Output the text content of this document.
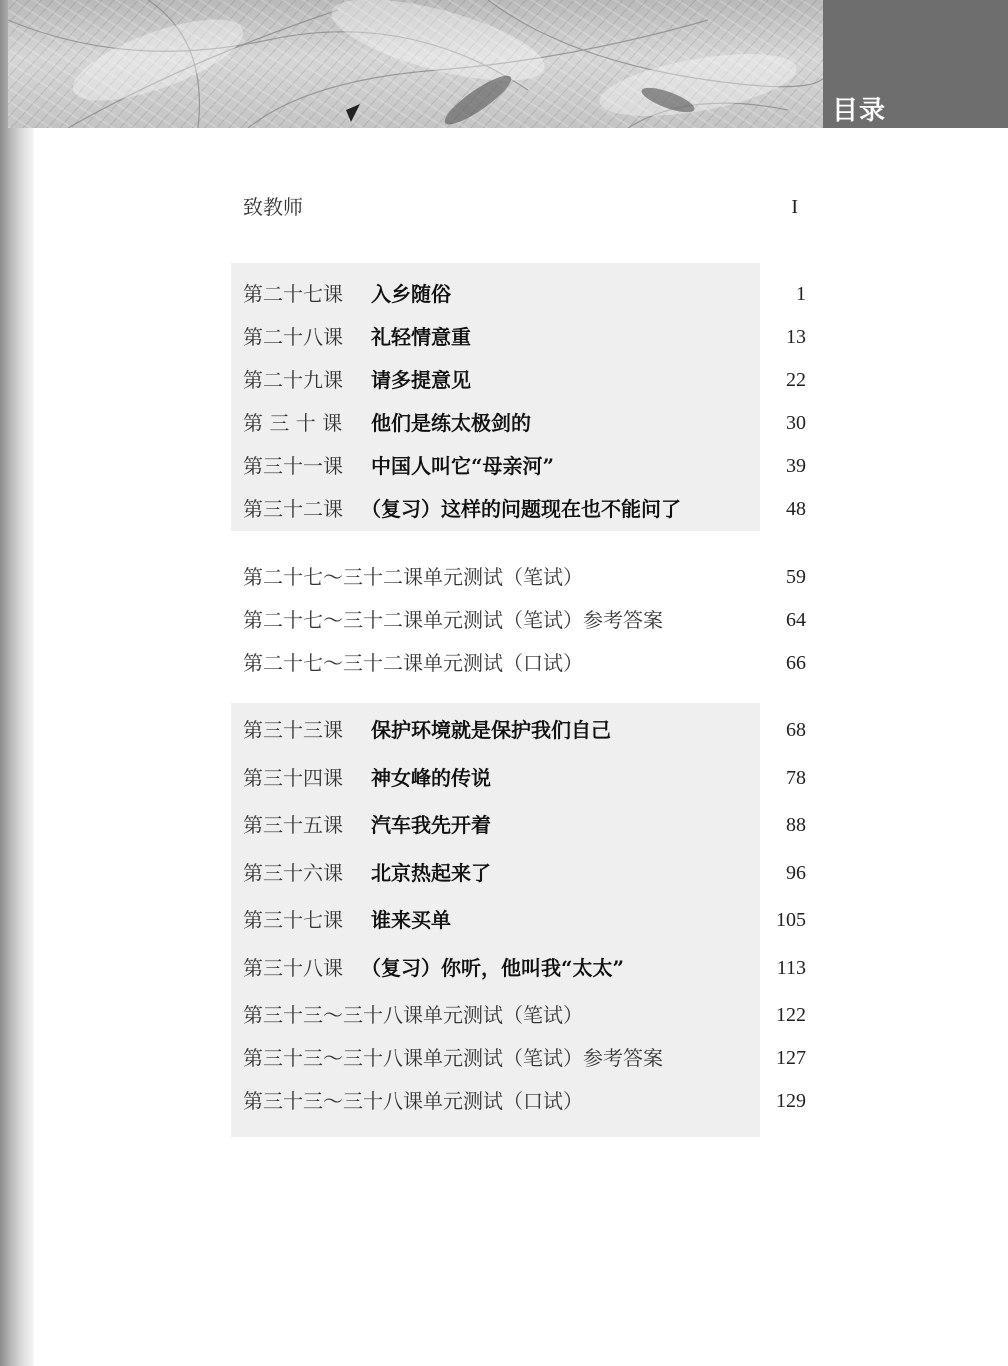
目录
致教师	I
第二十七课 入乡随俗	1
第二十八课 礼轻情意重	13
第二十九课 请多提意见	22
第 三 十 课 他们是练太极剑的	30
第三十一课 中国人叫它“母亲河”	39
第三十二课 （复习）这样的问题现在也不能问了	48
第二十七～三十二课单元测试（笔试）	59
第二十七～三十二课单元测试（笔试）参考答案	64
第二十七～三十二课单元测试（口试）	66
第三十三课 保护环境就是保护我们自己	68
第三十四课 神女峰的传说	78
第三十五课 汽车我先开着	88
第三十六课 北京热起来了	96
第三十七课 谁来买单	105
第三十八课 （复习）你听，他叫我“太太”	113
第三十三～三十八课单元测试（笔试）	122
第三十三～三十八课单元测试（笔试）参考答案	127
第三十三～三十八课单元测试（口试）	129
